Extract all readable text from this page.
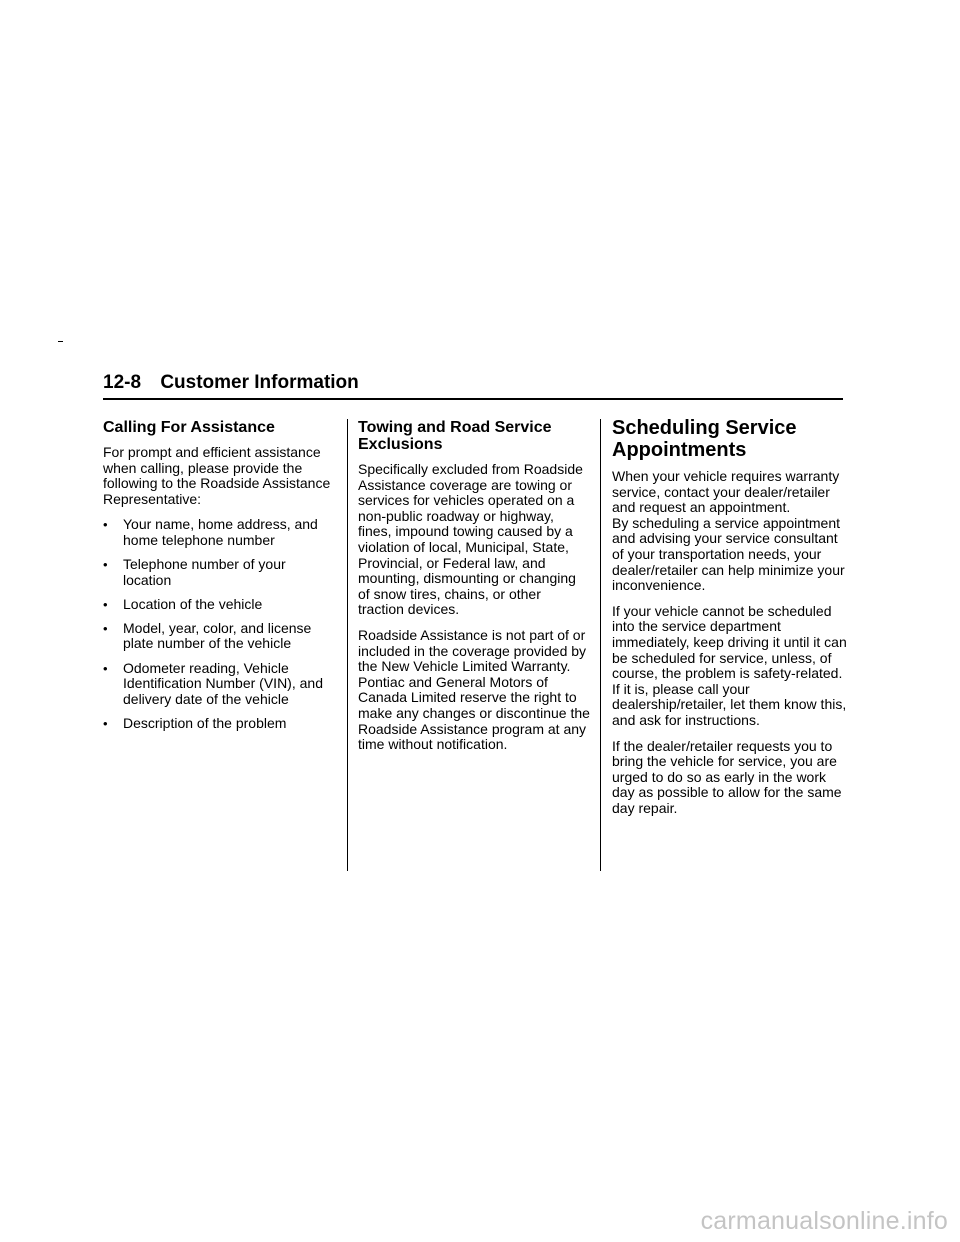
12-8 Customer Information
Calling For Assistance

For prompt and efficient assistance when calling, please provide the following to the Roadside Assistance Representative:

• Your name, home address, and home telephone number
• Telephone number of your location
• Location of the vehicle
• Model, year, color, and license plate number of the vehicle
• Odometer reading, Vehicle Identification Number (VIN), and delivery date of the vehicle
• Description of the problem
Towing and Road Service Exclusions

Specifically excluded from Roadside Assistance coverage are towing or services for vehicles operated on a non-public roadway or highway, fines, impound towing caused by a violation of local, Municipal, State, Provincial, or Federal law, and mounting, dismounting or changing of snow tires, chains, or other traction devices.

Roadside Assistance is not part of or included in the coverage provided by the New Vehicle Limited Warranty. Pontiac and General Motors of Canada Limited reserve the right to make any changes or discontinue the Roadside Assistance program at any time without notification.

Scheduling Service Appointments

When your vehicle requires warranty service, contact your dealer/retailer and request an appointment.

By scheduling a service appointment and advising your service consultant of your transportation needs, your dealer/retailer can help minimize your inconvenience.

If your vehicle cannot be scheduled into the service department immediately, keep driving it until it can be scheduled for service, unless, of course, the problem is safety-related. If it is, please call your dealership/retailer, let them know this, and ask for instructions.

If the dealer/retailer requests you to bring the vehicle for service, you are urged to do so as early in the work day as possible to allow for the same day repair.

carmanualsonline.info
